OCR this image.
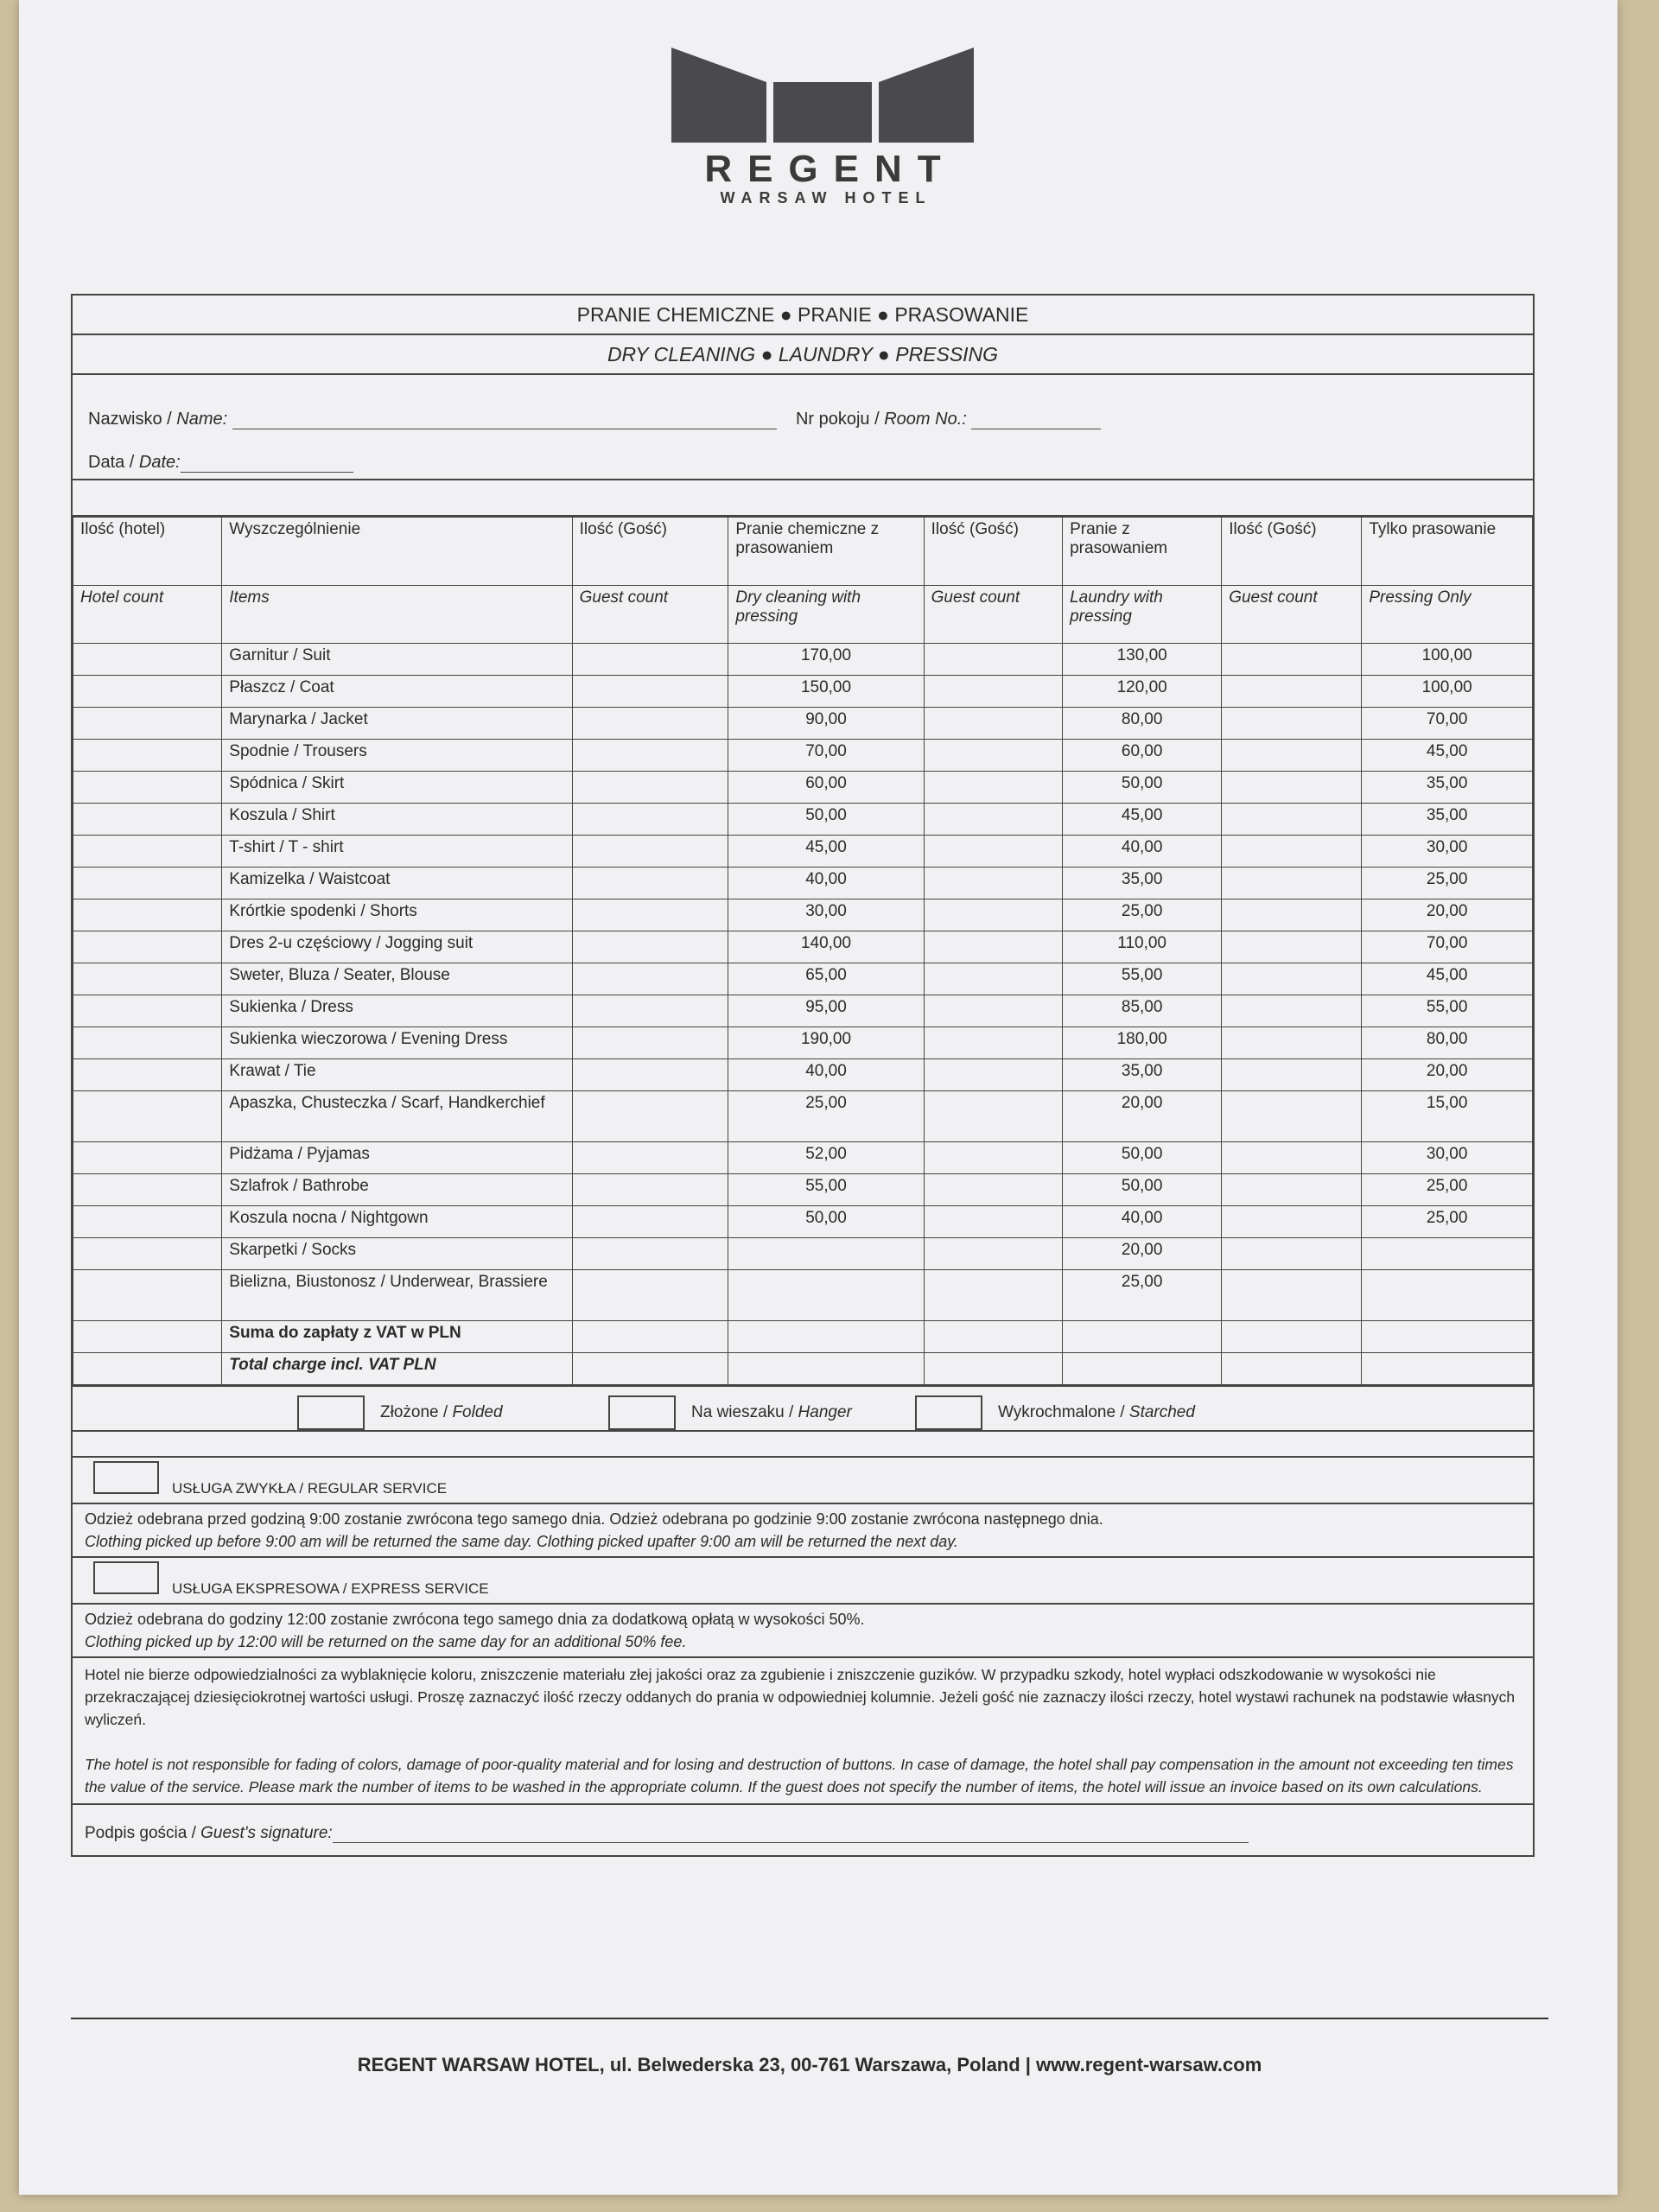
REGENT
WARSAW HOTEL
PRANIE CHEMICZNE ● PRANIE ● PRASOWANIE
DRY CLEANING ● LAUNDRY ● PRESSING
Nazwisko / Name:	Nr pokoju / Room No.:
Data / Date:
Ilość (hotel)	Wyszczególnienie	Ilość (Gość)	Pranie chemiczne z prasowaniem	Ilość (Gość)	Pranie z prasowaniem	Ilość (Gość)	Tylko prasowanie
Hotel count	Items	Guest count	Dry cleaning with pressing	Guest count	Laundry with pressing	Guest count	Pressing Only
	Garnitur / Suit		170,00		130,00		100,00
	Płaszcz / Coat		150,00		120,00		100,00
	Marynarka / Jacket		90,00		80,00		70,00
	Spodnie / Trousers		70,00		60,00		45,00
	Spódnica / Skirt		60,00		50,00		35,00
	Koszula / Shirt		50,00		45,00		35,00
	T-shirt / T - shirt		45,00		40,00		30,00
	Kamizelka / Waistcoat		40,00		35,00		25,00
	Krórtkie spodenki / Shorts		30,00		25,00		20,00
	Dres 2-u częściowy / Jogging suit		140,00		110,00		70,00
	Sweter, Bluza / Seater, Blouse		65,00		55,00		45,00
	Sukienka / Dress		95,00		85,00		55,00
	Sukienka wieczorowa / Evening Dress		190,00		180,00		80,00
	Krawat / Tie		40,00		35,00		20,00
	Apaszka, Chusteczka / Scarf, Handkerchief		25,00		20,00		15,00
	Pidżama / Pyjamas		52,00		50,00		30,00
	Szlafrok / Bathrobe		55,00		50,00		25,00
	Koszula nocna / Nightgown		50,00		40,00		25,00
	Skarpetki / Socks				20,00		
	Bielizna, Biustonosz / Underwear, Brassiere				25,00		
	Suma do zapłaty z VAT w PLN						
	Total charge incl. VAT PLN						
Złożone / Folded	Na wieszaku / Hanger	Wykrochmalone / Starched
USŁUGA ZWYKŁA / REGULAR SERVICE
Odzież odebrana przed godziną 9:00 zostanie zwrócona tego samego dnia. Odzież odebrana po godzinie 9:00 zostanie zwrócona następnego dnia.
Clothing picked up before 9:00 am will be returned the same day. Clothing picked upafter 9:00 am will be returned the next day.
USŁUGA EKSPRESOWA / EXPRESS SERVICE
Odzież odebrana do godziny 12:00 zostanie zwrócona tego samego dnia za dodatkową opłatą w wysokości 50%.
Clothing picked up by 12:00 will be returned on the same day for an additional 50% fee.
Hotel nie bierze odpowiedzialności za wyblaknięcie koloru, zniszczenie materiału złej jakości oraz za zgubienie i zniszczenie guzików. W przypadku szkody, hotel wypłaci odszkodowanie w wysokości nie przekraczającej dziesięciokrotnej wartości usługi. Proszę zaznaczyć ilość rzeczy oddanych do prania w odpowiedniej kolumnie. Jeżeli gość nie zaznaczy ilości rzeczy, hotel wystawi rachunek na podstawie własnych wyliczeń.
The hotel is not responsible for fading of colors, damage of poor-quality material and for losing and destruction of buttons. In case of damage, the hotel shall pay compensation in the amount not exceeding ten times the value of the service. Please mark the number of items to be washed in the appropriate column. If the guest does not specify the number of items, the hotel will issue an invoice based on its own calculations.
Podpis gościa / Guest's signature:
REGENT WARSAW HOTEL, ul. Belwederska 23, 00-761 Warszawa, Poland | www.regent-warsaw.com
